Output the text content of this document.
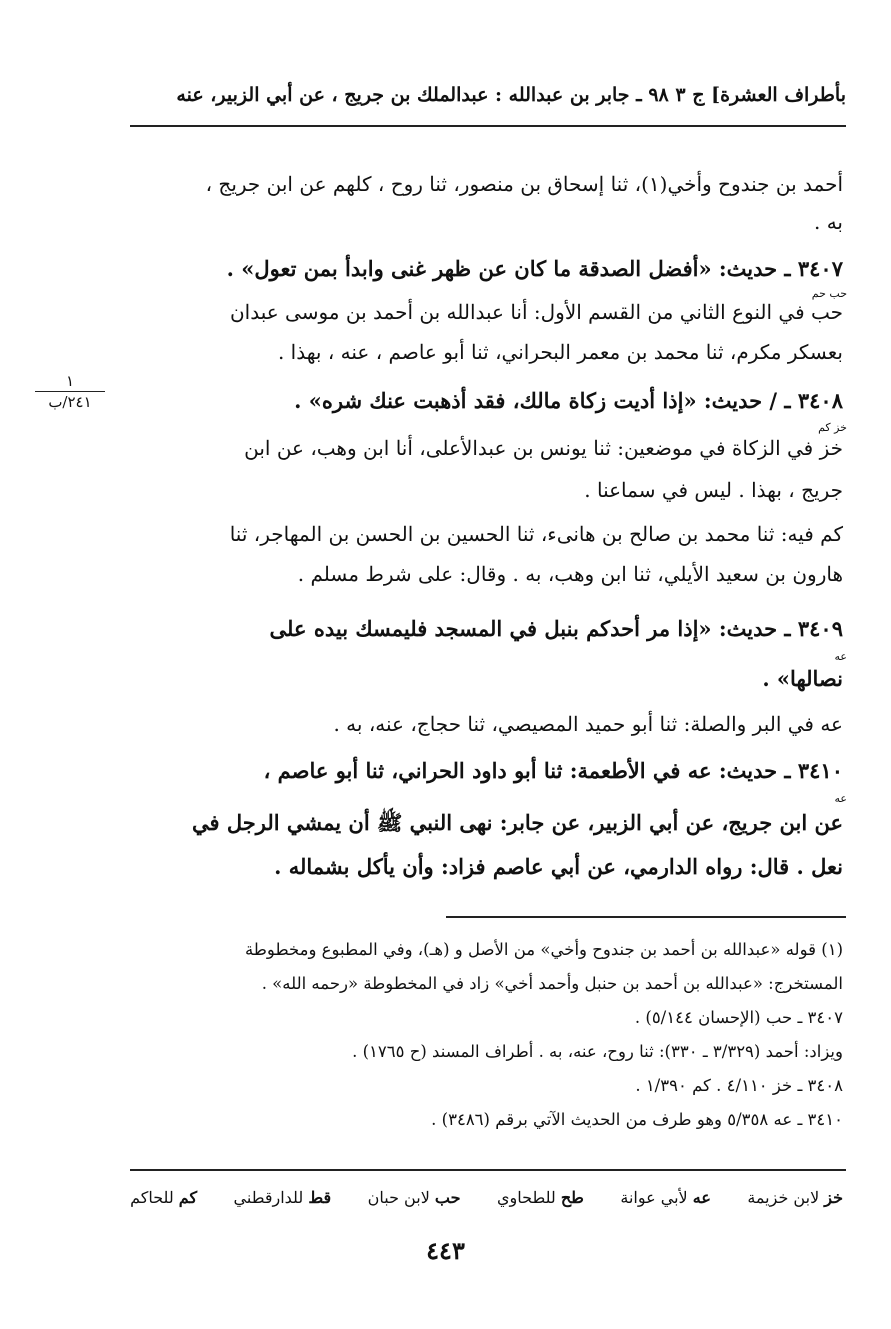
بأطراف العشرة] ج ٣ ٩٨ ـ جابر بن عبدالله : عبدالملك بن جريج ، عن أبي الزبير، عنه
أحمد بن جندوح وأخي(١)، ثنا إسحاق بن منصور، ثنا روح ، كلهم عن ابن جريج ،
به .
٣٤٠٧ ـ حديث: «أفضل الصدقة ما كان عن ظهر غنى وابدأ بمن تعول» .
حب حم
حب في النوع الثاني من القسم الأول: أنا عبدالله بن أحمد بن موسى عبدان
بعسكر مكرم، ثنا محمد بن معمر البحراني، ثنا أبو عاصم ، عنه ، بهذا .
١
٢٤١/ب	٣٤٠٨ ـ / حديث: «إذا أديت زكاة مالك، فقد أذهبت عنك شره» .
خز كم
خز في الزكاة في موضعين: ثنا يونس بن عبدالأعلى، أنا ابن وهب، عن ابن
جريج ، بهذا . ليس في سماعنا .
كم فيه: ثنا محمد بن صالح بن هانىء، ثنا الحسين بن الحسن بن المهاجر، ثنا
هارون بن سعيد الأيلي، ثنا ابن وهب، به . وقال: على شرط مسلم .
٣٤٠٩ ـ حديث: «إذا مر أحدكم بنبل في المسجد فليمسك بيده على
عه
نصالها» .
عه في البر والصلة: ثنا أبو حميد المصيصي، ثنا حجاج، عنه، به .
٣٤١٠ ـ حديث: عه في الأطعمة: ثنا أبو داود الحراني، ثنا أبو عاصم ،
عه
عن ابن جريج، عن أبي الزبير، عن جابر: نهى النبي ﷺ أن يمشي الرجل في
نعل . قال: رواه الدارمي، عن أبي عاصم فزاد: وأن يأكل بشماله .
(١) قوله «عبدالله بن أحمد بن جندوح وأخي» من الأصل و (هـ)، وفي المطبوع ومخطوطة
المستخرج: «عبدالله بن أحمد بن حنبل وأحمد أخي» زاد في المخطوطة «رحمه الله» .
٣٤٠٧ ـ حب (الإحسان ٥/١٤٤) .
ويزاد: أحمد (٣/٣٢٩ ـ ٣٣٠): ثنا روح، عنه، به . أطراف المسند (ح ١٧٦٥) .
٣٤٠٨ ـ خز ٤/١١٠ . كم ١/٣٩٠ .
٣٤١٠ ـ عه ٥/٣٥٨ وهو طرف من الحديث الآتي برقم (٣٤٨٦) .
خز لابن خزيمة
عه لأبي عوانة
طح للطحاوي
حب لابن حبان
قط للدارقطني
كم للحاكم
٤٤٣
